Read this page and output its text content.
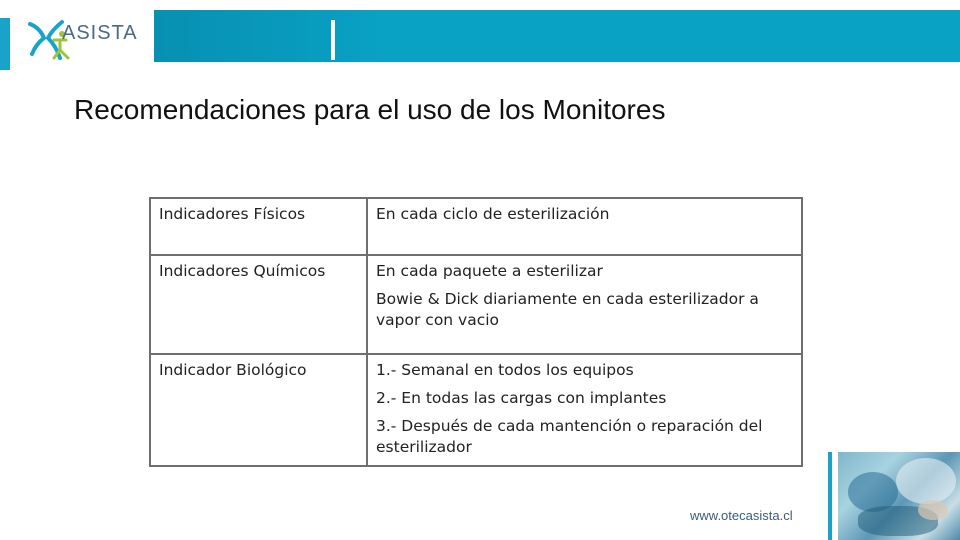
ASISTA
Recomendaciones para el uso de los Monitores
Indicadores Físicos	En cada ciclo de esterilización

Indicadores Químicos	En cada paquete a esterilizar
Bowie & Dick diariamente en cada esterilizador a vapor con vacio

Indicador Biológico	1.- Semanal en todos los equipos
2.- En todas las cargas con implantes
3.- Después de cada mantención o reparación del esterilizador
www.otecasista.cl
